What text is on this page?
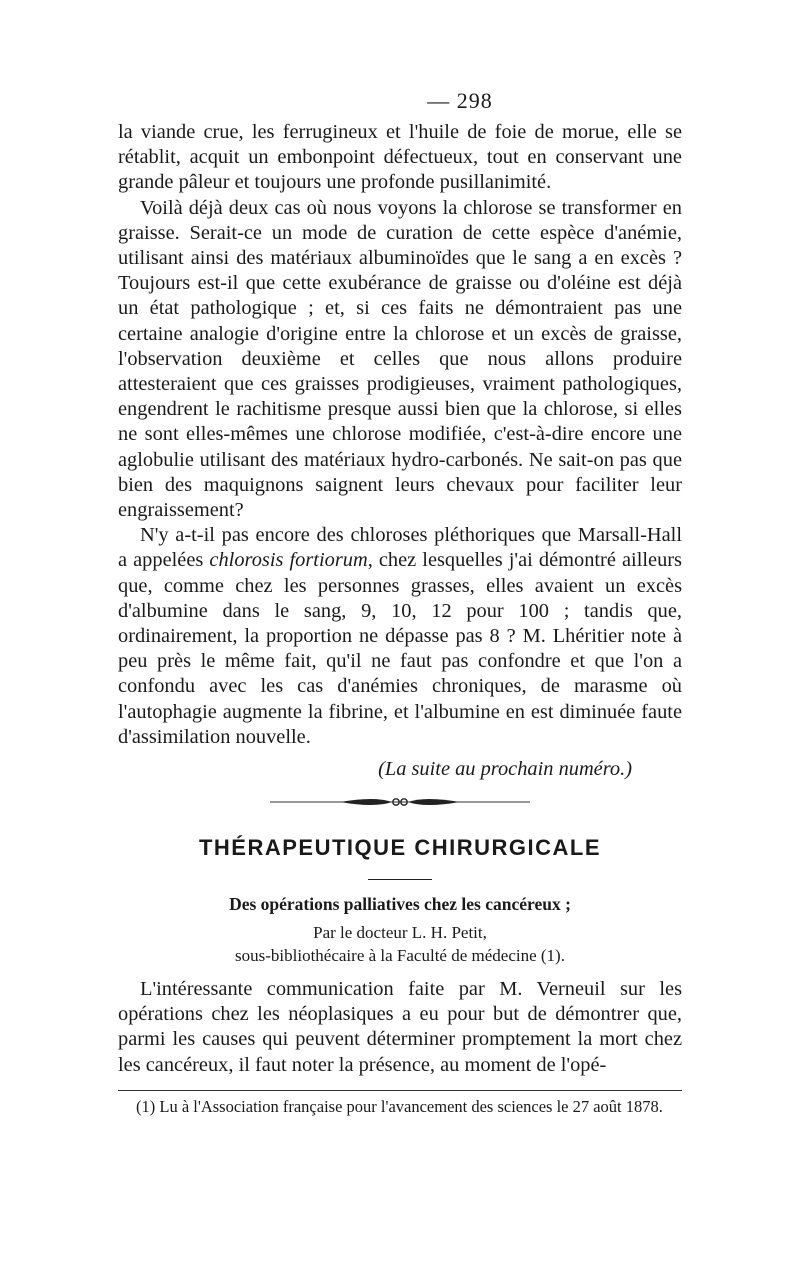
— 298

la viande crue, les ferrugineux et l'huile de foie de morue, elle se rétablit, acquit un embonpoint défectueux, tout en conservant une grande pâleur et toujours une profonde pusillanimité.

Voilà déjà deux cas où nous voyons la chlorose se transformer en graisse. Serait-ce un mode de curation de cette espèce d'anémie, utilisant ainsi des matériaux albuminoïdes que le sang a en excès ? Toujours est-il que cette exubérance de graisse ou d'oléine est déjà un état pathologique ; et, si ces faits ne démontraient pas une certaine analogie d'origine entre la chlorose et un excès de graisse, l'observation deuxième et celles que nous allons produire attesteraient que ces graisses prodigieuses, vraiment pathologiques, engendrent le rachitisme presque aussi bien que la chlorose, si elles ne sont elles-mêmes une chlorose modifiée, c'est-à-dire encore une aglobulie utilisant des matériaux hydro-carbonés. Ne sait-on pas que bien des maquignons saignent leurs chevaux pour faciliter leur engraissement?

N'y a-t-il pas encore des chloroses pléthoriques que Marsall-Hall a appelées chlorosis fortiorum, chez lesquelles j'ai démontré ailleurs que, comme chez les personnes grasses, elles avaient un excès d'albumine dans le sang, 9, 10, 12 pour 100 ; tandis que, ordinairement, la proportion ne dépasse pas 8 ? M. Lhéritier note à peu près le même fait, qu'il ne faut pas confondre et que l'on a confondu avec les cas d'anémies chroniques, de marasme où l'autophagie augmente la fibrine, et l'albumine en est diminuée faute d'assimilation nouvelle.

(La suite au prochain numéro.)
THÉRAPEUTIQUE CHIRURGICALE
Des opérations palliatives chez les cancéreux ;

Par le docteur L. H. Petit,

sous-bibliothécaire à la Faculté de médecine (1).

L'intéressante communication faite par M. Verneuil sur les opérations chez les néoplasiques a eu pour but de démontrer que, parmi les causes qui peuvent déterminer promptement la mort chez les cancéreux, il faut noter la présence, au moment de l'opé-

(1) Lu à l'Association française pour l'avancement des sciences le 27 août 1878.
